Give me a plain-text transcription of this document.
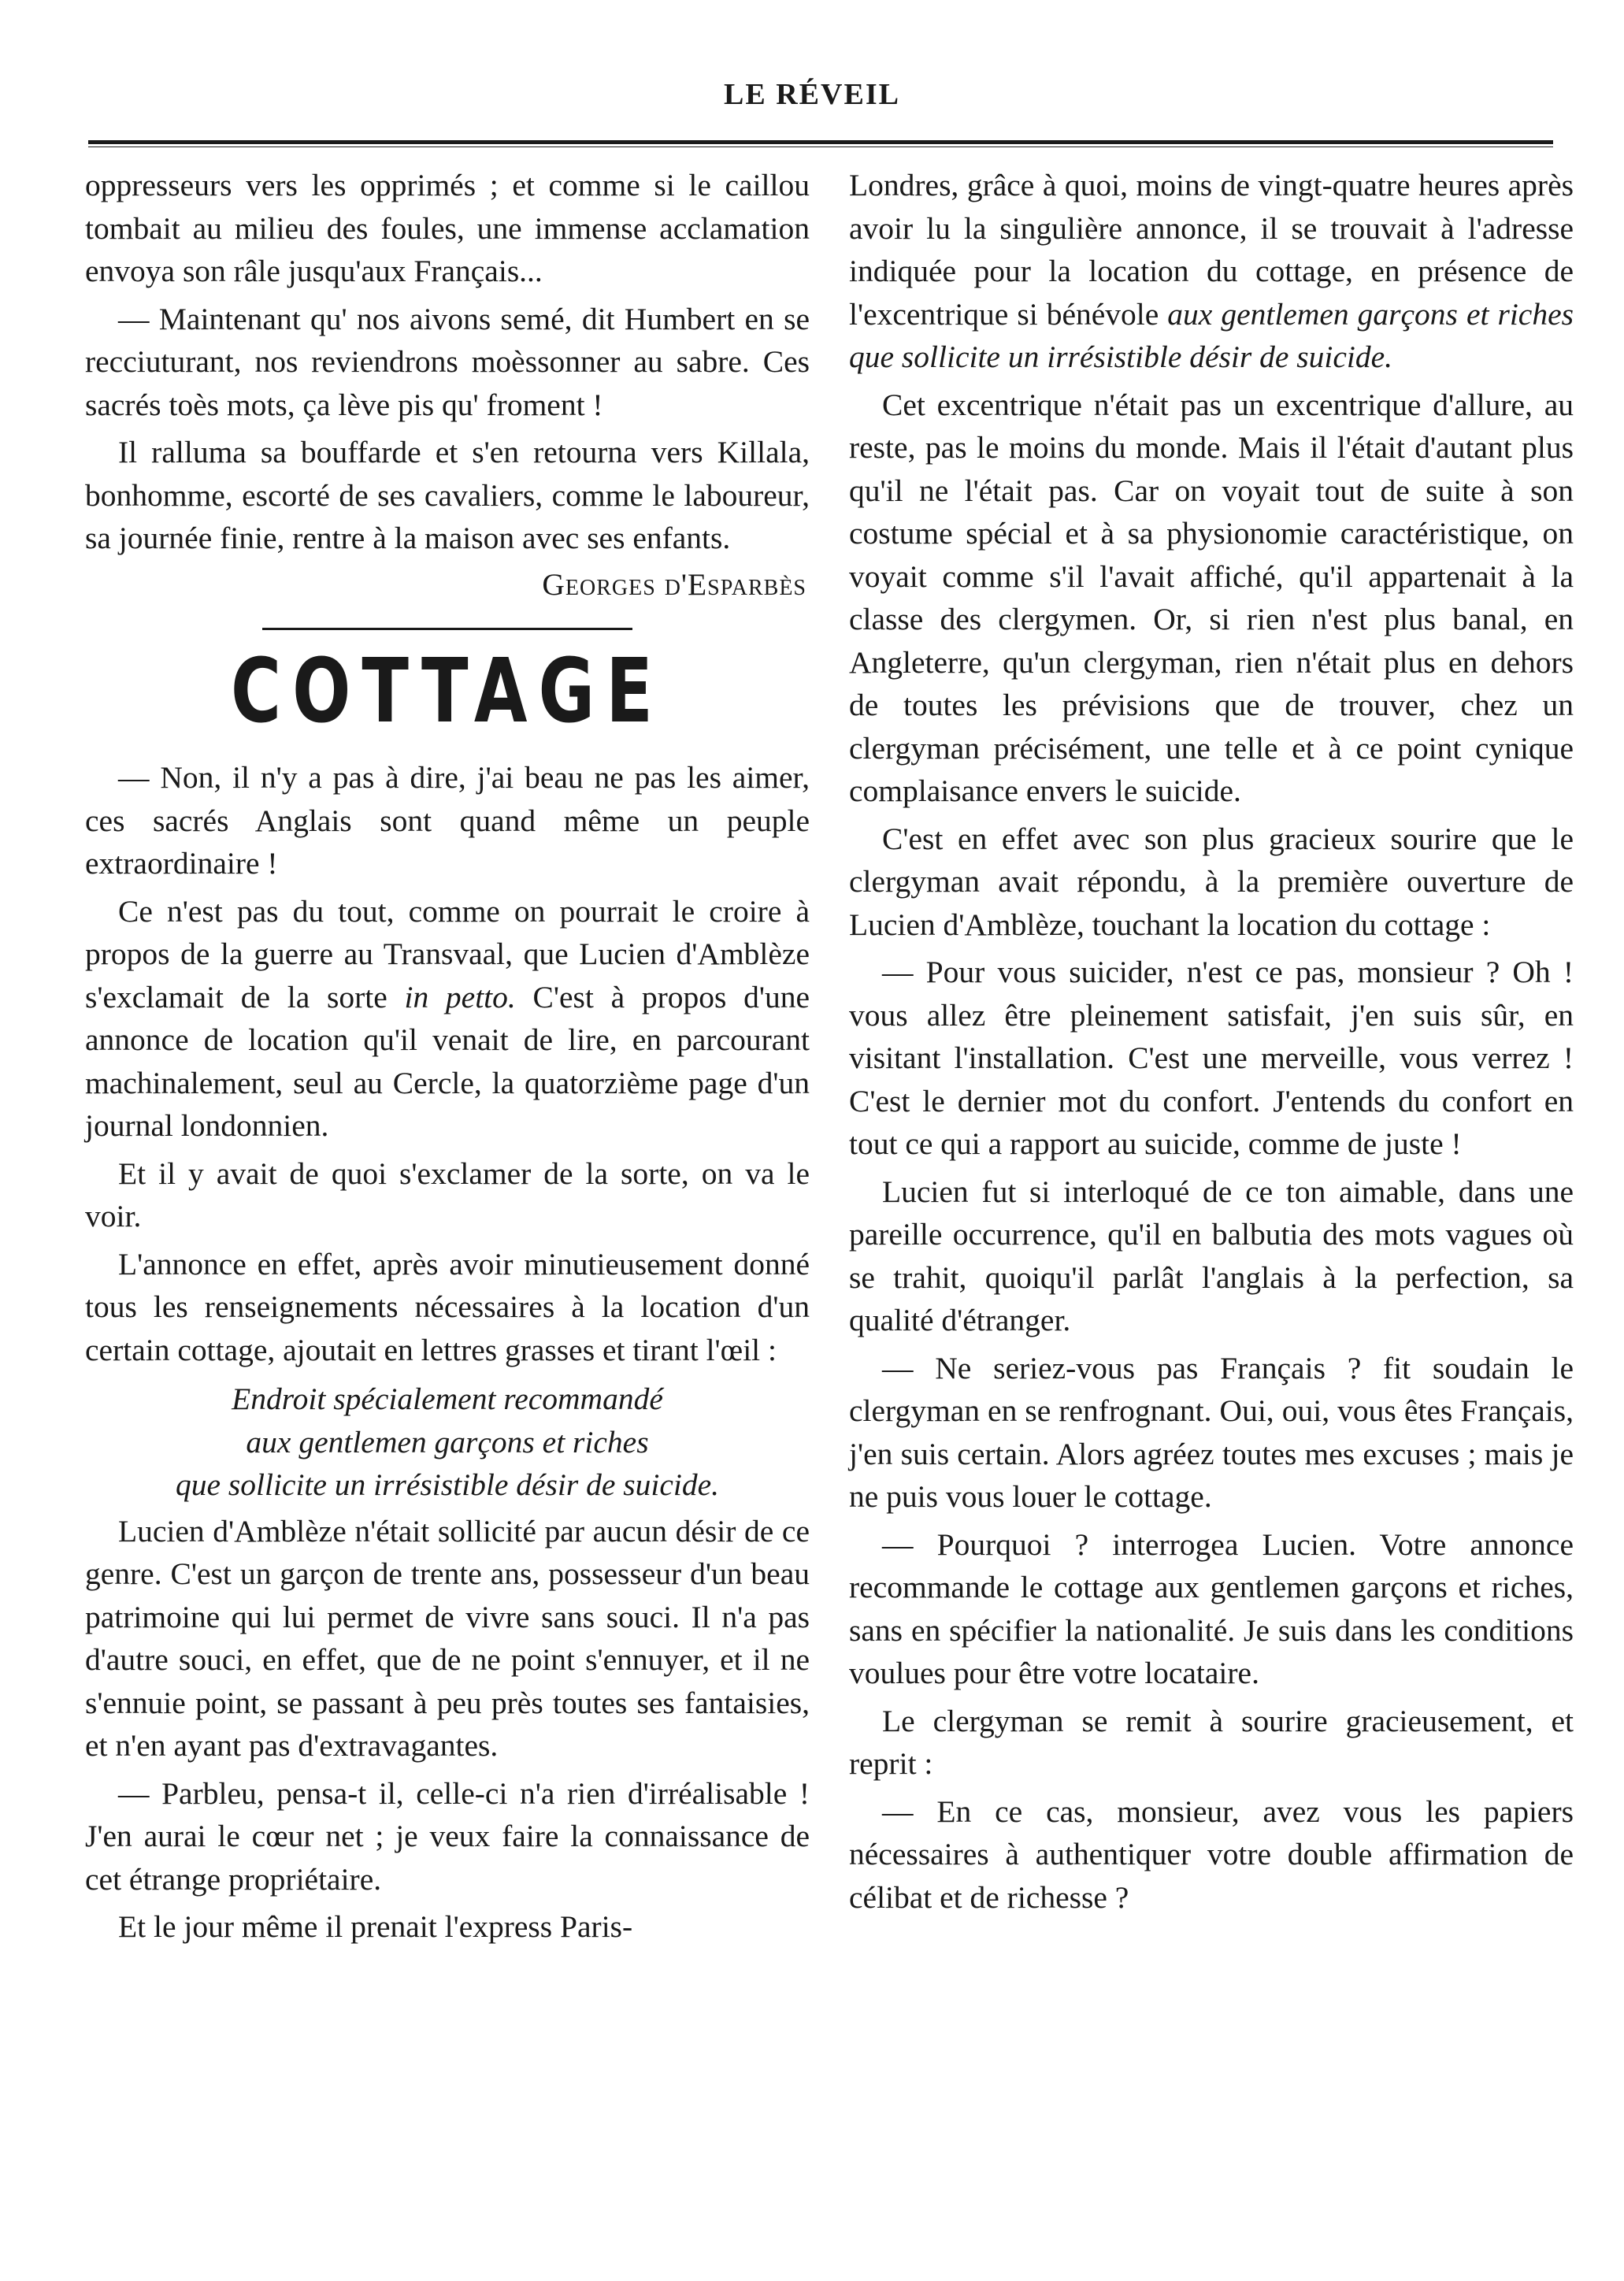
LE RÉVEIL

oppresseurs vers les opprimés ; et comme si le caillou tombait au milieu des foules, une immense acclamation envoya son râle jusqu'aux Français...

— Maintenant qu' nos aivons semé, dit Humbert en se recciuturant, nos reviendrons moèssonner au sabre. Ces sacrés toès mots, ça lève pis qu' froment !

Il ralluma sa bouffarde et s'en retourna vers Killala, bonhomme, escorté de ses cavaliers, comme le laboureur, sa journée finie, rentre à la maison avec ses enfants.

Georges d'Esparbès
COTTAGE

— Non, il n'y a pas à dire, j'ai beau ne pas les aimer, ces sacrés Anglais sont quand même un peuple extraordinaire !

Ce n'est pas du tout, comme on pourrait le croire à propos de la guerre au Transvaal, que Lucien d'Amblèze s'exclamait de la sorte in petto. C'est à propos d'une annonce de location qu'il venait de lire, en parcourant machinalement, seul au Cercle, la quatorzième page d'un journal londonnien.

Et il y avait de quoi s'exclamer de la sorte, on va le voir.

L'annonce en effet, après avoir minutieusement donné tous les renseignements nécessaires à la location d'un certain cottage, ajoutait en lettres grasses et tirant l'œil :

Endroit spécialement recommandé
aux gentlemen garçons et riches
que sollicite un irrésistible désir de suicide.

Lucien d'Amblèze n'était sollicité par aucun désir de ce genre. C'est un garçon de trente ans, possesseur d'un beau patrimoine qui lui permet de vivre sans souci. Il n'a pas d'autre souci, en effet, que de ne point s'ennuyer, et il ne s'ennuie point, se passant à peu près toutes ses fantaisies, et n'en ayant pas d'extravagantes.

— Parbleu, pensa-t il, celle-ci n'a rien d'irréalisable ! J'en aurai le cœur net ; je veux faire la connaissance de cet étrange propriétaire.

Et le jour même il prenait l'express Paris-

Londres, grâce à quoi, moins de vingt-quatre heures après avoir lu la singulière annonce, il se trouvait à l'adresse indiquée pour la location du cottage, en présence de l'excentrique si bénévole aux gentlemen garçons et riches que sollicite un irrésistible désir de suicide.

Cet excentrique n'était pas un excentrique d'allure, au reste, pas le moins du monde. Mais il l'était d'autant plus qu'il ne l'était pas. Car on voyait tout de suite à son costume spécial et à sa physionomie caractéristique, on voyait comme s'il l'avait affiché, qu'il appartenait à la classe des clergymen. Or, si rien n'est plus banal, en Angleterre, qu'un clergyman, rien n'était plus en dehors de toutes les prévisions que de trouver, chez un clergyman précisément, une telle et à ce point cynique complaisance envers le suicide.

C'est en effet avec son plus gracieux sourire que le clergyman avait répondu, à la première ouverture de Lucien d'Amblèze, touchant la location du cottage :

— Pour vous suicider, n'est ce pas, monsieur ? Oh ! vous allez être pleinement satisfait, j'en suis sûr, en visitant l'installation. C'est une merveille, vous verrez ! C'est le dernier mot du confort. J'entends du confort en tout ce qui a rapport au suicide, comme de juste !

Lucien fut si interloqué de ce ton aimable, dans une pareille occurrence, qu'il en balbutia des mots vagues où se trahit, quoiqu'il parlât l'anglais à la perfection, sa qualité d'étranger.

— Ne seriez-vous pas Français ? fit soudain le clergyman en se renfrognant. Oui, oui, vous êtes Français, j'en suis certain. Alors agréez toutes mes excuses ; mais je ne puis vous louer le cottage.

— Pourquoi ? interrogea Lucien. Votre annonce recommande le cottage aux gentlemen garçons et riches, sans en spécifier la nationalité. Je suis dans les conditions voulues pour être votre locataire.

Le clergyman se remit à sourire gracieusement, et reprit :

— En ce cas, monsieur, avez vous les papiers nécessaires à authentiquer votre double affirmation de célibat et de richesse ?
